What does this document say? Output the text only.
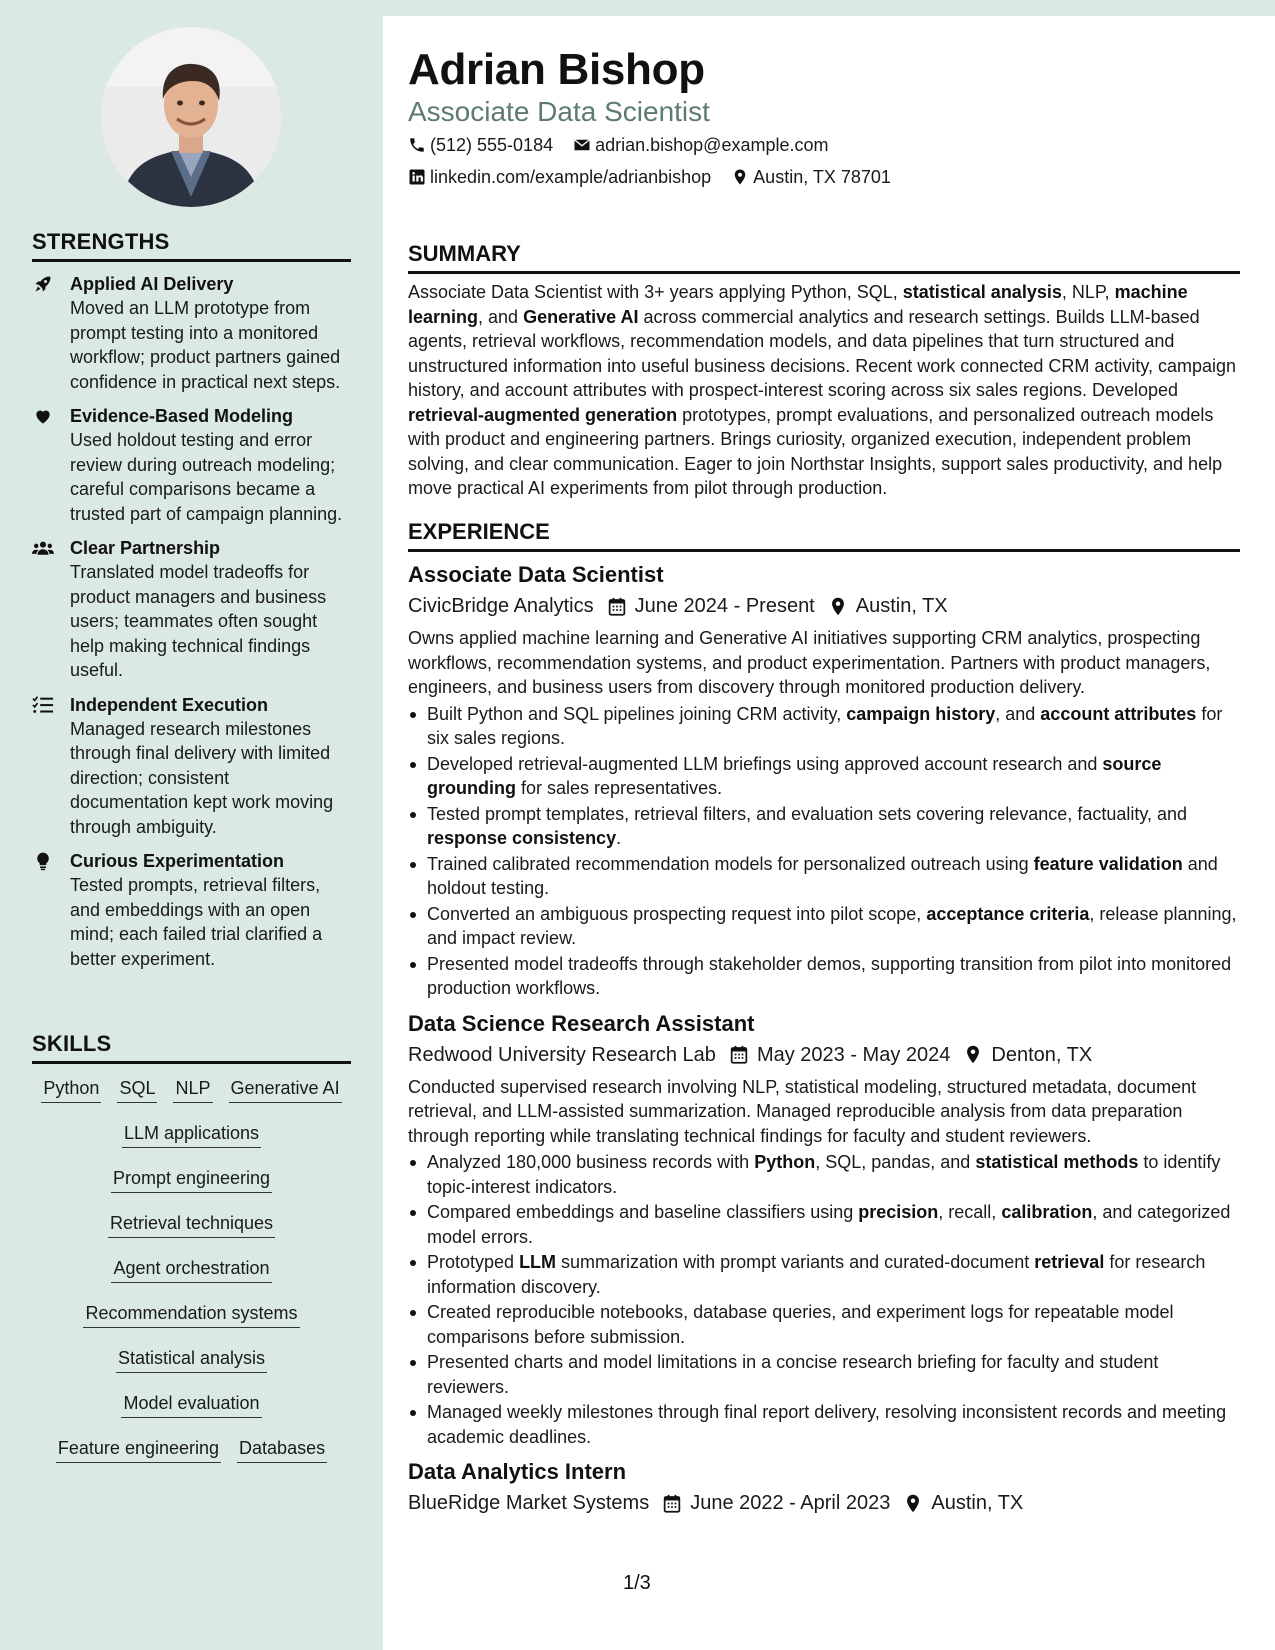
STRENGTHS
Applied AI Delivery
Moved an LLM prototype from prompt testing into a monitored workflow; product partners gained confidence in practical next steps.
Evidence-Based Modeling
Used holdout testing and error review during outreach modeling; careful comparisons became a trusted part of campaign planning.
Clear Partnership
Translated model tradeoffs for product managers and business users; teammates often sought help making technical findings useful.
Independent Execution
Managed research milestones through final delivery with limited direction; consistent documentation kept work moving through ambiguity.
Curious Experimentation
Tested prompts, retrieval filters, and embeddings with an open mind; each failed trial clarified a better experiment.
SKILLS
Python SQL NLP Generative AI
LLM applications
Prompt engineering
Retrieval techniques
Agent orchestration
Recommendation systems
Statistical analysis
Model evaluation
Feature engineering Databases
Adrian Bishop
Associate Data Scientist
(512) 555-0184 adrian.bishop@example.com
linkedin.com/example/adrianbishop Austin, TX 78701
SUMMARY

Associate Data Scientist with 3+ years applying Python, SQL, statistical analysis, NLP, machine learning, and Generative AI across commercial analytics and research settings. Builds LLM-based agents, retrieval workflows, recommendation models, and data pipelines that turn structured and unstructured information into useful business decisions. Recent work connected CRM activity, campaign history, and account attributes with prospect-interest scoring across six sales regions. Developed retrieval-augmented generation prototypes, prompt evaluations, and personalized outreach models with product and engineering partners. Brings curiosity, organized execution, independent problem solving, and clear communication. Eager to join Northstar Insights, support sales productivity, and help move practical AI experiments from pilot through production.

EXPERIENCE
Associate Data Scientist
CivicBridge Analytics June 2024 - Present Austin, TX

Owns applied machine learning and Generative AI initiatives supporting CRM analytics, prospecting workflows, recommendation systems, and product experimentation. Partners with product managers, engineers, and business users from discovery through monitored production delivery.

Built Python and SQL pipelines joining CRM activity, campaign history, and account attributes for six sales regions.
Developed retrieval-augmented LLM briefings using approved account research and source grounding for sales representatives.
Tested prompt templates, retrieval filters, and evaluation sets covering relevance, factuality, and response consistency.
Trained calibrated recommendation models for personalized outreach using feature validation and holdout testing.
Converted an ambiguous prospecting request into pilot scope, acceptance criteria, release planning, and impact review.
Presented model tradeoffs through stakeholder demos, supporting transition from pilot into monitored production workflows.
Data Science Research Assistant
Redwood University Research Lab May 2023 - May 2024 Denton, TX

Conducted supervised research involving NLP, statistical modeling, structured metadata, document retrieval, and LLM-assisted summarization. Managed reproducible analysis from data preparation through reporting while translating technical findings for faculty and student reviewers.

Analyzed 180,000 business records with Python, SQL, pandas, and statistical methods to identify topic-interest indicators.
Compared embeddings and baseline classifiers using precision, recall, calibration, and categorized model errors.
Prototyped LLM summarization with prompt variants and curated-document retrieval for research information discovery.
Created reproducible notebooks, database queries, and experiment logs for repeatable model comparisons before submission.
Presented charts and model limitations in a concise research briefing for faculty and student reviewers.
Managed weekly milestones through final report delivery, resolving inconsistent records and meeting academic deadlines.
Data Analytics Intern
BlueRidge Market Systems June 2022 - April 2023 Austin, TX
1/3
